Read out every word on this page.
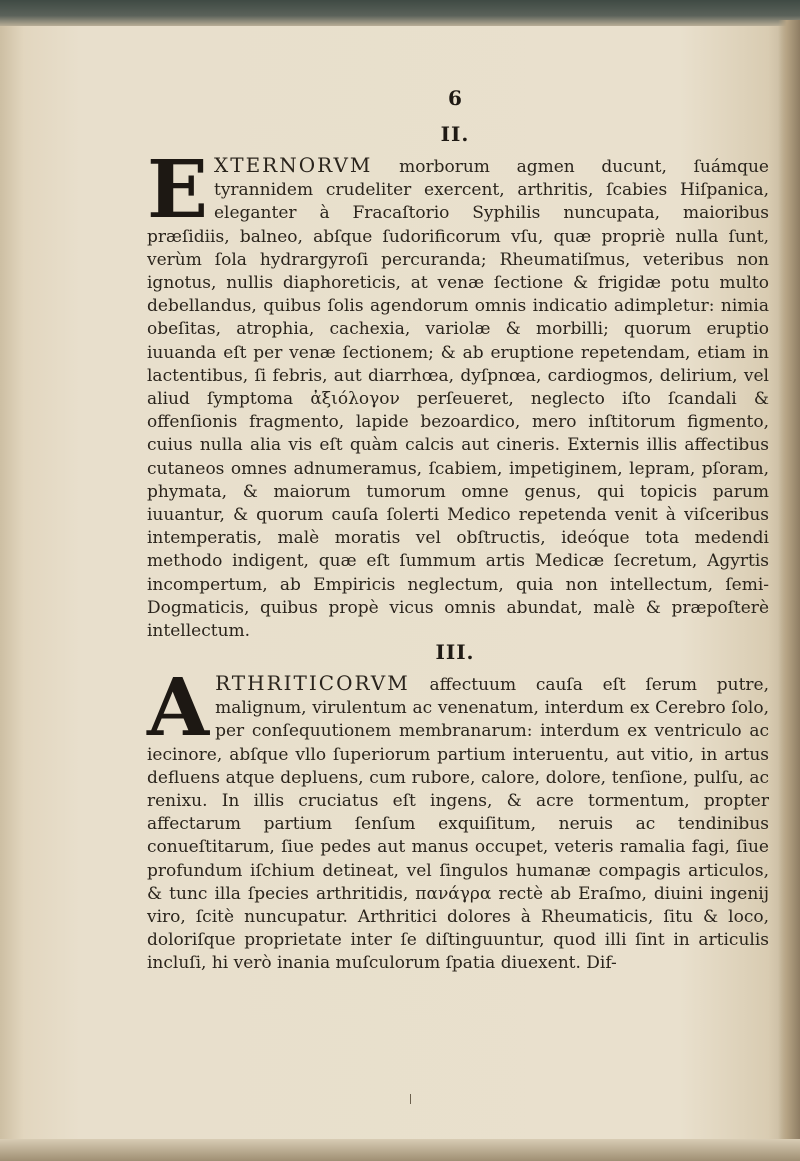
6
II.

E XTERNORVM morborum agmen ducunt, ſuámque tyrannidem crudeliter exercent, arthritis, ſcabies Hiſpanica, eleganter à Fracaſtorio Syphilis nuncupata, maioribus præſidiis, balneo, abſque ſudorificorum vſu, quæ propriè nulla ſunt, verùm ſola hydrargyroſi percuranda; Rheumatiſmus, veteribus non ignotus, nullis diaphoreticis, at venæ ſectione & frigidæ potu multo debellandus, quibus ſolis agendorum omnis indicatio adimpletur: nimia obeſitas, atrophia, cachexia, variolæ & morbilli; quorum eruptio iuuanda eſt per venæ ſectionem; & ab eruptione repetendam, etiam in lactentibus, ſi febris, aut diarrhœa, dyſpnœa, cardiogmos, delirium, vel aliud ſymptoma ἀξιόλογον perſeueret, neglecto iſto ſcandali & offenſionis fragmento, lapide bezoardico, mero inſtitorum figmento, cuius nulla alia vis eſt quàm calcis aut cineris. Externis illis affectibus cutaneos omnes adnumeramus, ſcabiem, impetiginem, lepram, pſoram, phymata, & maiorum tumorum omne genus, qui topicis parum iuuantur, & quorum cauſa ſolerti Medico repetenda venit à viſceribus intemperatis, malè moratis vel obſtructis, ideóque tota medendi methodo indigent, quæ eſt ſummum artis Medicæ ſecretum, Agyrtis incompertum, ab Empiricis neglectum, quia non intellectum, ſemi-Dogmaticis, quibus propè vicus omnis abundat, malè & præpoſterè intellectum.

III.

A RTHRITICORVM affectuum cauſa eſt ſerum putre, malignum, virulentum ac venenatum, interdum ex Cerebro ſolo, per conſequutionem membranarum: interdum ex ventriculo ac iecinore, abſque vllo ſuperiorum partium interuentu, aut vitio, in artus defluens atque depluens, cum rubore, calore, dolore, tenſione, pulſu, ac renixu. In illis cruciatus eſt ingens, & acre tormentum, propter affectarum partium ſenſum exquiſitum, neruis ac tendinibus conueſtitarum, ſiue pedes aut manus occupet, veteris ramalia fagi, ſiue profundum iſchium detineat, vel ſingulos humanæ compagis articulos, & tunc illa ſpecies arthritidis, πανάγρα rectè ab Eraſmo, diuini ingenij viro, ſcitè nuncupatur. Arthritici dolores à Rheumaticis, ſitu & loco, doloriſque proprietate inter ſe diſtinguuntur, quod illi ſint in articulis incluſi, hi verò inania muſculorum ſpatia diuexent. Dif-
